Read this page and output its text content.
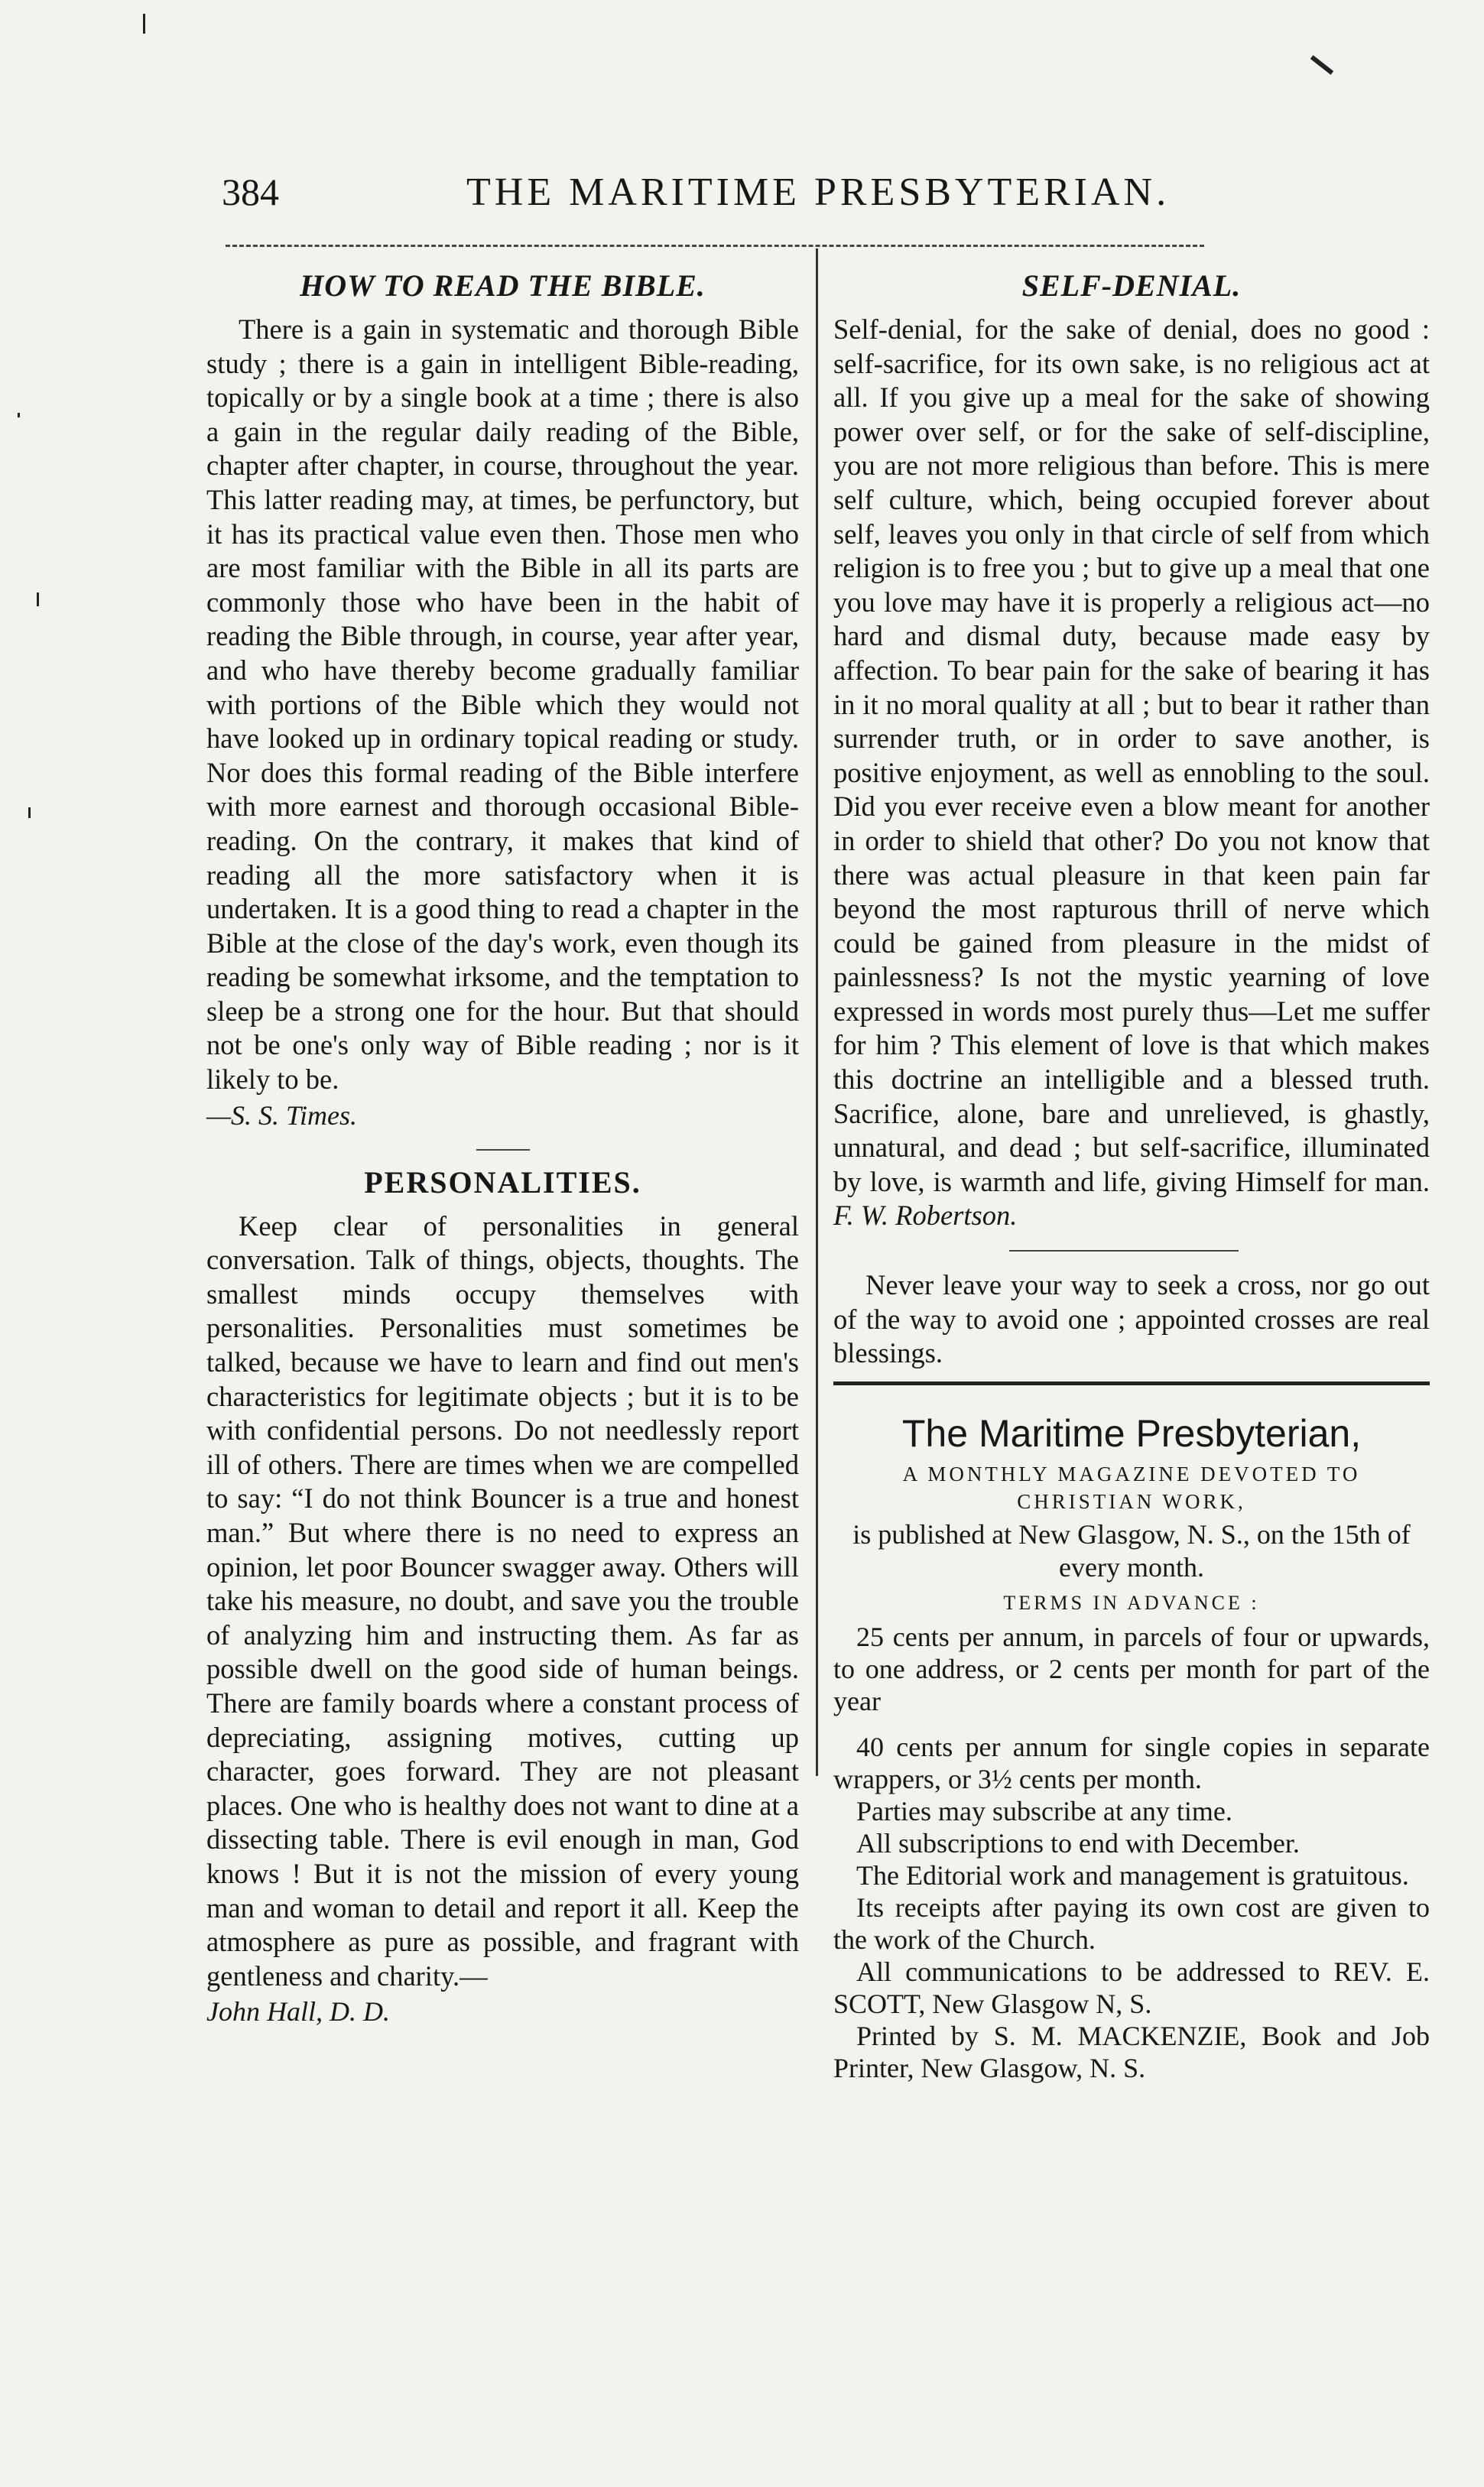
384	THE MARITIME PRESBYTERIAN.
HOW TO READ THE BIBLE.

There is a gain in systematic and thorough Bible study ; there is a gain in intelligent Bible-reading, topically or by a single book at a time ; there is also a gain in the regular daily reading of the Bible, chapter after chapter, in course, throughout the year. This latter reading may, at times, be perfunctory, but it has its practical value even then. Those men who are most familiar with the Bible in all its parts are commonly those who have been in the habit of reading the Bible through, in course, year after year, and who have thereby become gradually familiar with portions of the Bible which they would not have looked up in ordinary topical reading or study. Nor does this formal reading of the Bible interfere with more earnest and thorough occasional Bible-reading. On the contrary, it makes that kind of reading all the more satisfactory when it is undertaken. It is a good thing to read a chapter in the Bible at the close of the day's work, even though its reading be somewhat irksome, and the temptation to sleep be a strong one for the hour. But that should not be one's only way of Bible reading ; nor is it likely to be.

—S. S. Times.

PERSONALITIES.

Keep clear of personalities in general conversation. Talk of things, objects, thoughts. The smallest minds occupy themselves with personalities. Personalities must sometimes be talked, because we have to learn and find out men's characteristics for legitimate objects ; but it is to be with confidential persons. Do not needlessly report ill of others. There are times when we are compelled to say: “I do not think Bouncer is a true and honest man.” But where there is no need to express an opinion, let poor Bouncer swagger away. Others will take his measure, no doubt, and save you the trouble of analyzing him and instructing them. As far as possible dwell on the good side of human beings. There are family boards where a constant process of depreciating, assigning motives, cutting up character, goes forward. They are not pleasant places. One who is healthy does not want to dine at a dissecting table. There is evil enough in man, God knows ! But it is not the mission of every young man and woman to detail and report it all. Keep the atmosphere as pure as possible, and fragrant with gentleness and charity.—

John Hall, D. D.

SELF-DENIAL.

Self-denial, for the sake of denial, does no good : self-sacrifice, for its own sake, is no religious act at all. If you give up a meal for the sake of showing power over self, or for the sake of self-discipline, you are not more religious than before. This is mere self culture, which, being occupied forever about self, leaves you only in that circle of self from which religion is to free you ; but to give up a meal that one you love may have it is properly a religious act—no hard and dismal duty, because made easy by affection. To bear pain for the sake of bearing it has in it no moral quality at all ; but to bear it rather than surrender truth, or in order to save another, is positive enjoyment, as well as ennobling to the soul. Did you ever receive even a blow meant for another in order to shield that other? Do you not know that there was actual pleasure in that keen pain far beyond the most rapturous thrill of nerve which could be gained from pleasure in the midst of painlessness? Is not the mystic yearning of love expressed in words most purely thus—Let me suffer for him ? This element of love is that which makes this doctrine an intelligible and a blessed truth. Sacrifice, alone, bare and unrelieved, is ghastly, unnatural, and dead ; but self-sacrifice, illuminated by love, is warmth and life, giving Himself for man. F. W. Robertson.

Never leave your way to seek a cross, nor go out of the way to avoid one ; appointed crosses are real blessings.

The Maritime Presbyterian,
A MONTHLY MAGAZINE DEVOTED TO CHRISTIAN WORK,
is published at New Glasgow, N. S., on the 15th of every month.
TERMS IN ADVANCE :

25 cents per annum, in parcels of four or upwards, to one address, or 2 cents per month for part of the year

40 cents per annum for single copies in separate wrappers, or 3½ cents per month.

Parties may subscribe at any time.

All subscriptions to end with December.

The Editorial work and management is gratuitous.

Its receipts after paying its own cost are given to the work of the Church.

All communications to be addressed to REV. E. SCOTT, New Glasgow N, S.

Printed by S. M. MACKENZIE, Book and Job Printer, New Glasgow, N. S.
